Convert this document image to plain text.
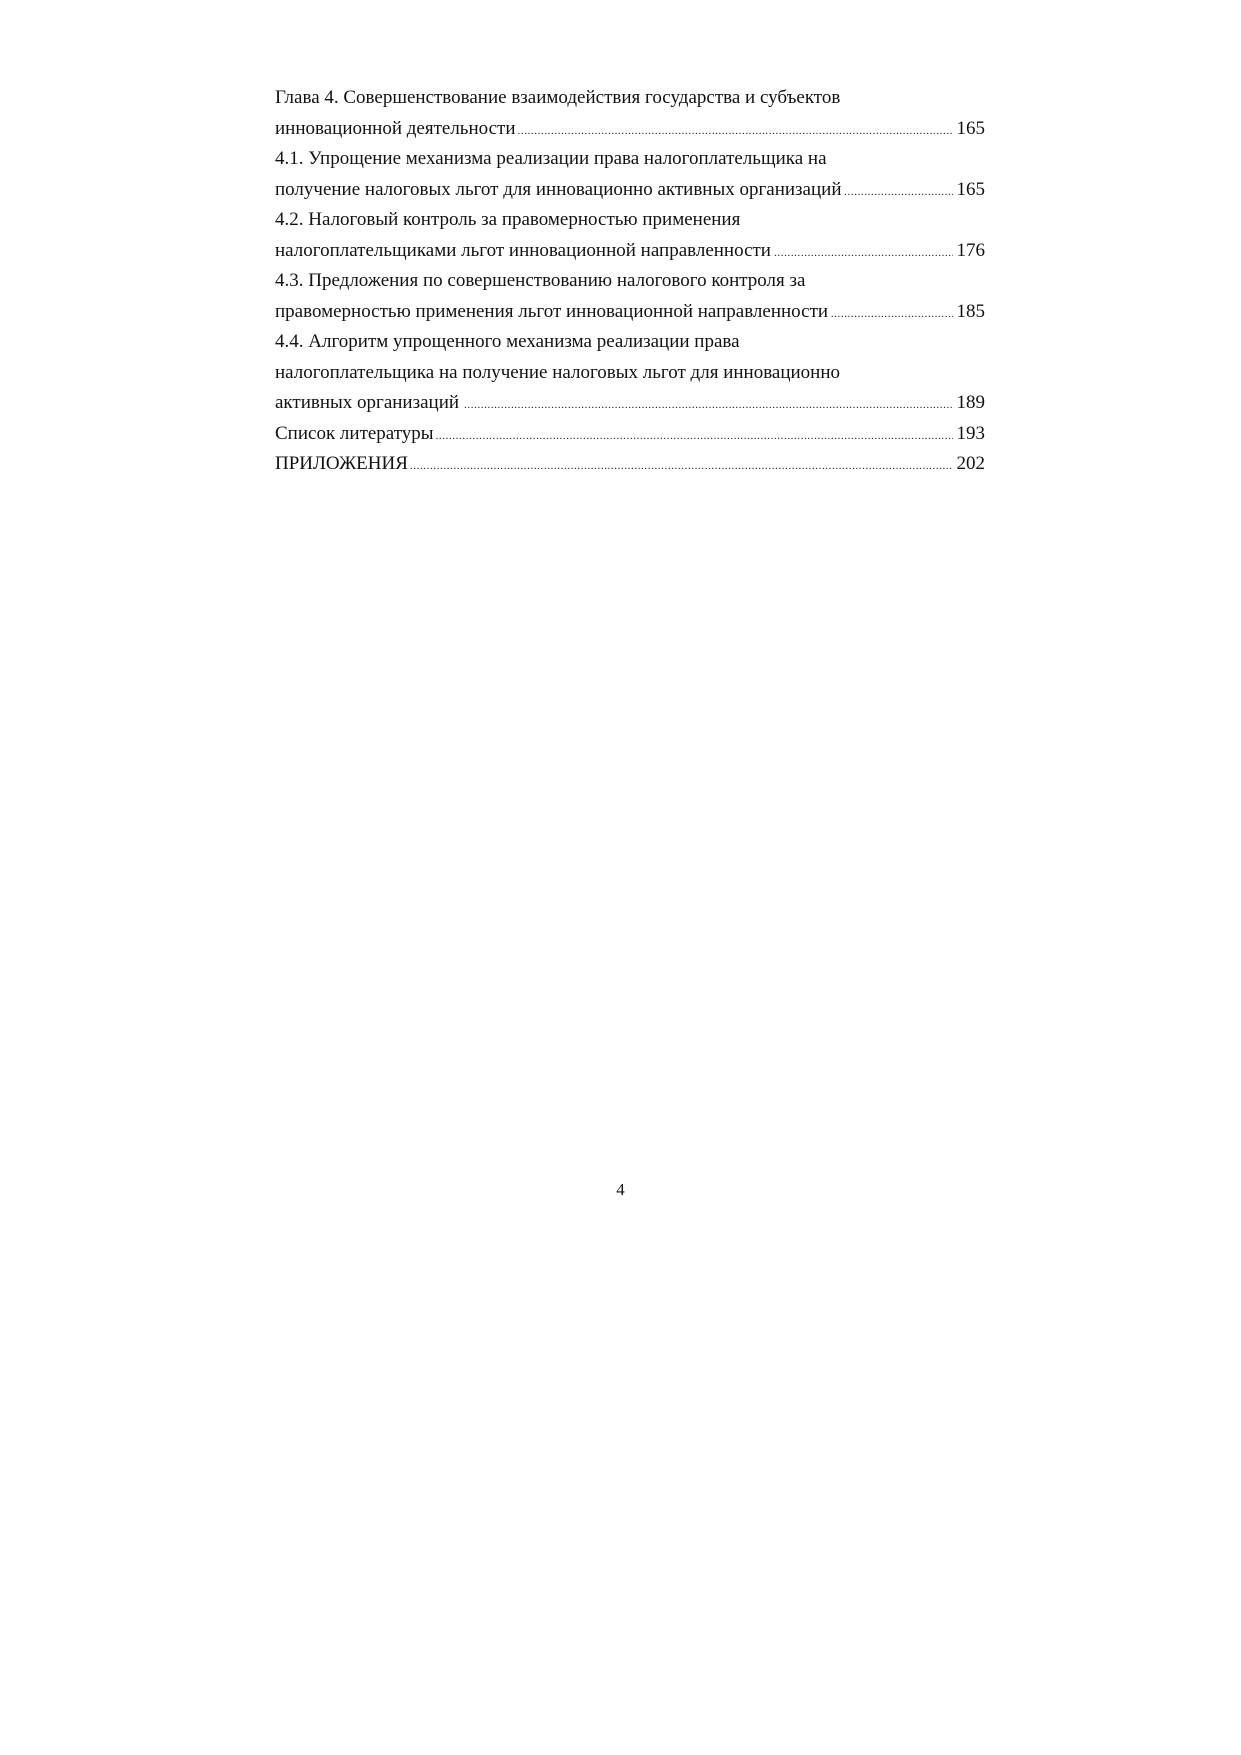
Глава 4. Совершенствование взаимодействия государства и субъектов
инновационной деятельности .....	165
4.1. Упрощение механизма реализации права налогоплательщика на
получение налоговых льгот для инновационно активных организаций .....	165
4.2. Налоговый контроль за правомерностью применения
налогоплательщиками льгот инновационной направленности .....	176
4.3. Предложения по совершенствованию налогового контроля за
правомерностью применения льгот инновационной направленности .....	185
4.4. Алгоритм упрощенного механизма реализации права
налогоплательщика на получение налоговых льгот для инновационно
активных организаций .....	189
Список литературы .....	193
ПРИЛОЖЕНИЯ .....	202
4
